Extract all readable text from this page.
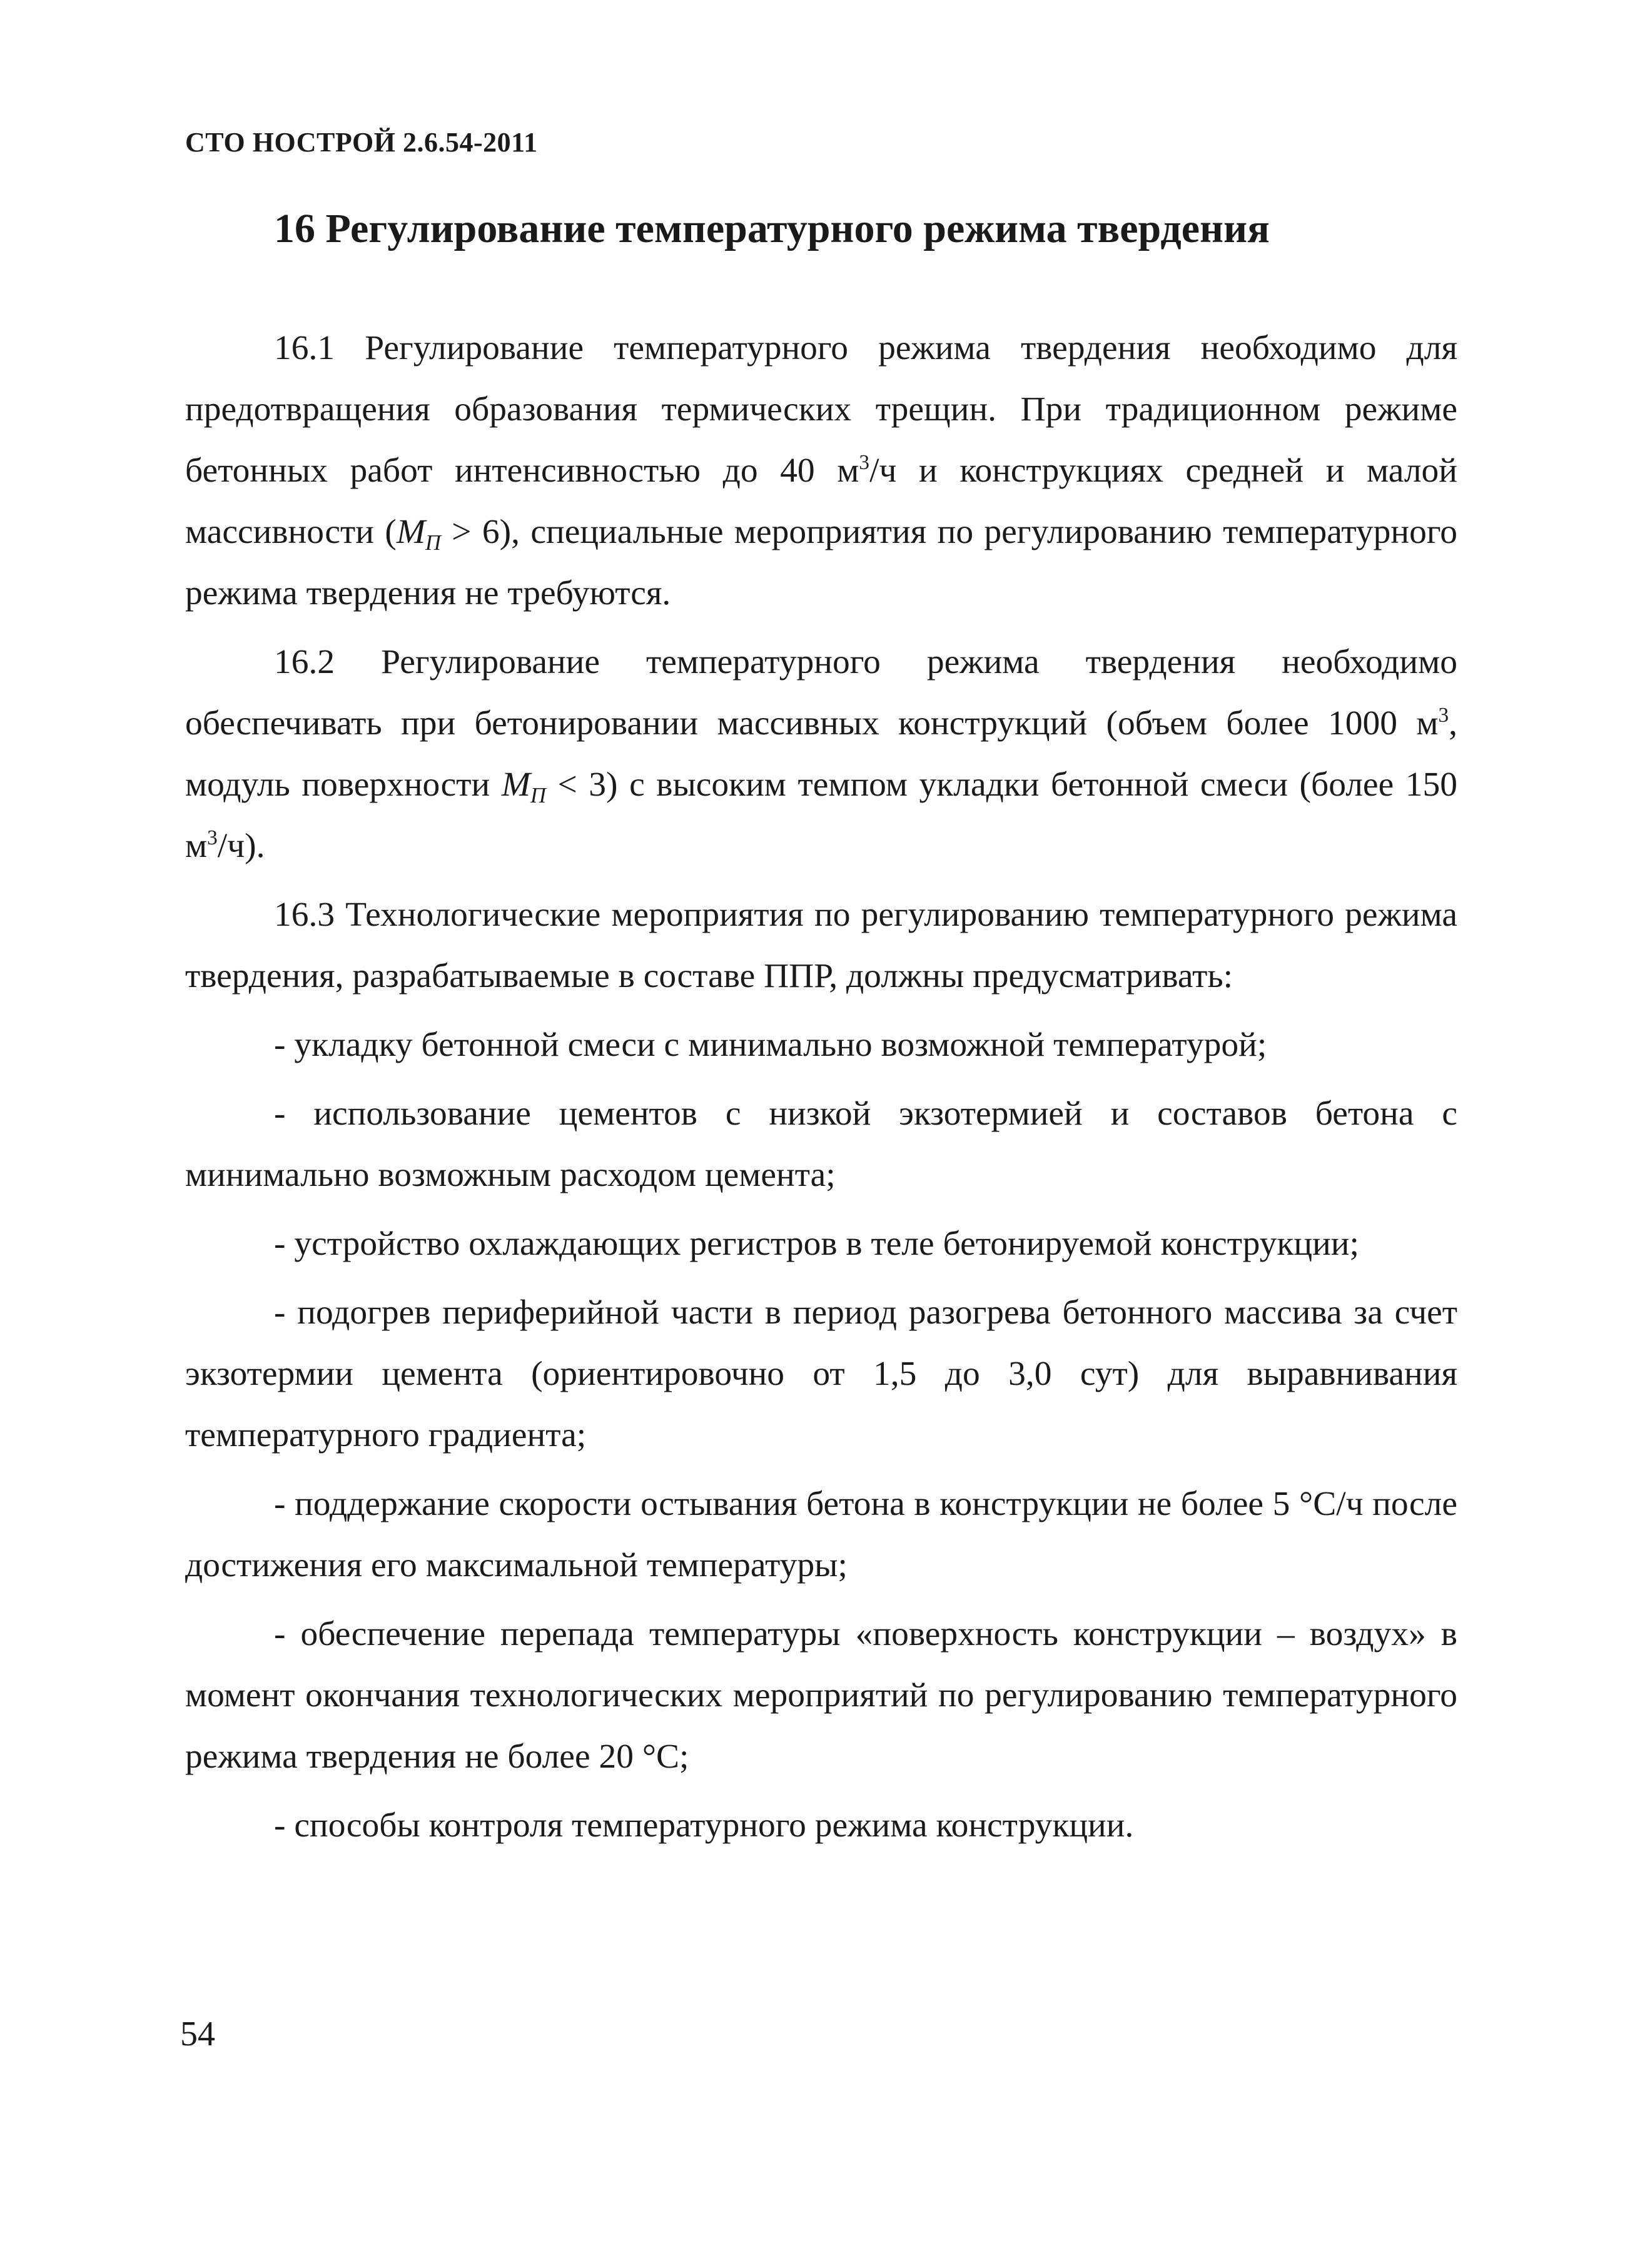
СТО НОСТРОЙ 2.6.54-2011
16 Регулирование температурного режима твердения

16.1 Регулирование температурного режима твердения необходимо для предотвращения образования термических трещин. При традиционном режиме бетонных работ интенсивностью до 40 $м^3/ч$ и конструкциях средней и малой массивности (МП > 6), специальные мероприятия по регулированию температурного режима твердения не требуются.

16.2 Регулирование температурного режима твердения необходимо обеспечивать при бетонировании массивных конструкций (объем более 1000 $м^3$, модуль поверхности МП < 3) с высоким темпом укладки бетонной смеси (более 150 $м^3/ч$).

16.3 Технологические мероприятия по регулированию температурного режима твердения, разрабатываемые в составе ППР, должны предусматривать:

- укладку бетонной смеси с минимально возможной температурой;

- использование цементов с низкой экзотермией и составов бетона с минимально возможным расходом цемента;

- устройство охлаждающих регистров в теле бетонируемой конструкции;

- подогрев периферийной части в период разогрева бетонного массива за счет экзотермии цемента (ориентировочно от 1,5 до 3,0 сут) для выравнивания температурного градиента;

- поддержание скорости остывания бетона в конструкции не более 5 °С/ч после достижения его максимальной температуры;

- обеспечение перепада температуры «поверхность конструкции – воздух» в момент окончания технологических мероприятий по регулированию температурного режима твердения не более 20 °С;

- способы контроля температурного режима конструкции.

54
